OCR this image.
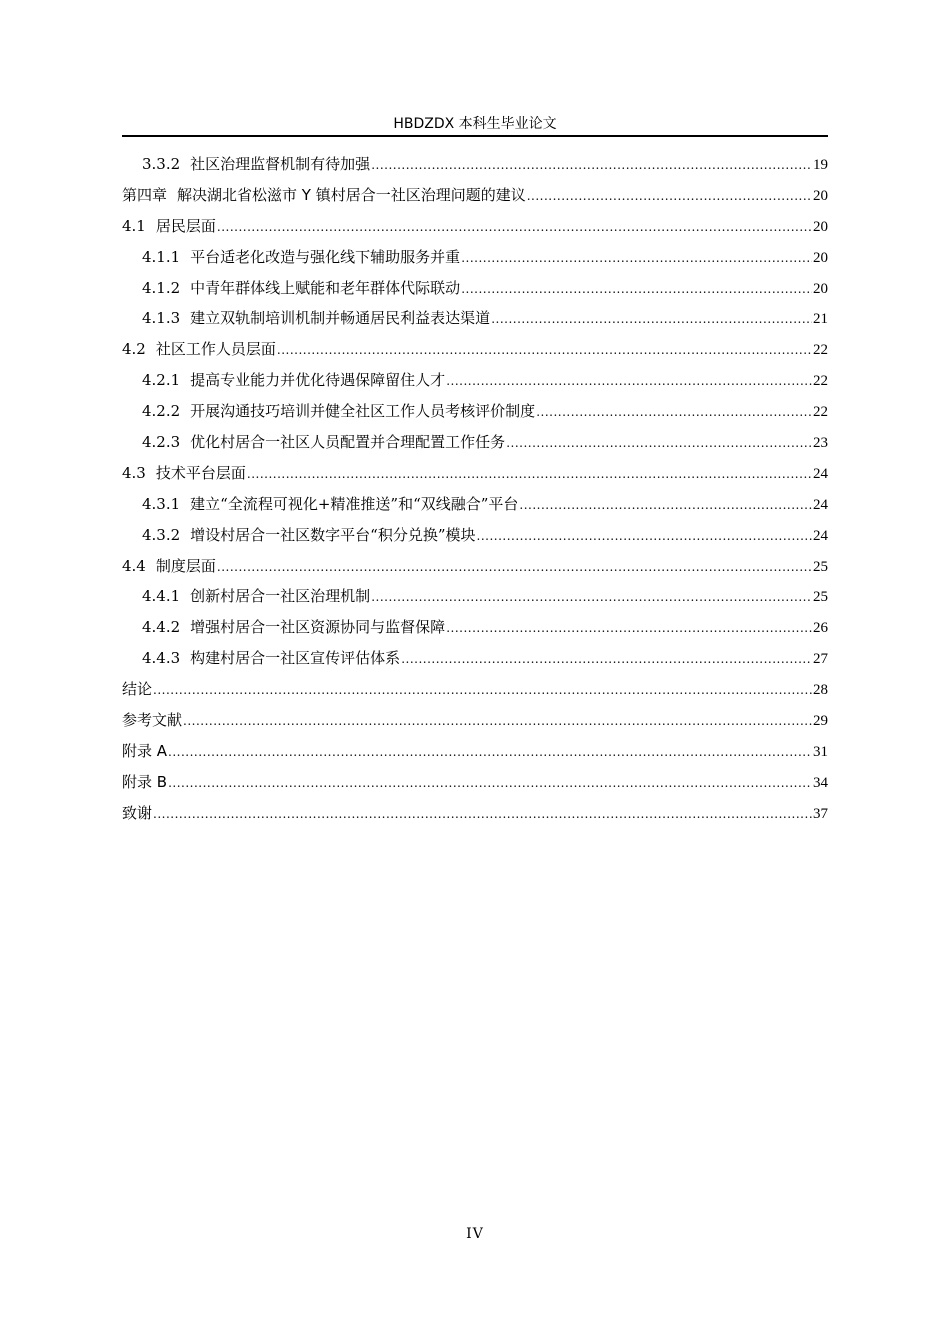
HBDZDX 本科生毕业论文
3.3.2 社区治理监督机制有待加强 .....	19
第四章 解决湖北省松滋市 Y 镇村居合一社区治理问题的建议 .....	20
4.1 居民层面 .....	20
4.1.1 平台适老化改造与强化线下辅助服务并重 .....	20
4.1.2 中青年群体线上赋能和老年群体代际联动 .....	20
4.1.3 建立双轨制培训机制并畅通居民利益表达渠道 .....	21
4.2 社区工作人员层面 .....	22
4.2.1 提高专业能力并优化待遇保障留住人才 .....	22
4.2.2 开展沟通技巧培训并健全社区工作人员考核评价制度 .....	22
4.2.3 优化村居合一社区人员配置并合理配置工作任务 .....	23
4.3 技术平台层面 .....	24
4.3.1 建立“全流程可视化+精准推送”和“双线融合”平台 .....	24
4.3.2 增设村居合一社区数字平台“积分兑换”模块 .....	24
4.4 制度层面 .....	25
4.4.1 创新村居合一社区治理机制 .....	25
4.4.2 增强村居合一社区资源协同与监督保障 .....	26
4.4.3 构建村居合一社区宣传评估体系 .....	27
结论 .....	28
参考文献 .....	29
附录 A .....	31
附录 B .....	34
致谢 .....	37
IV
